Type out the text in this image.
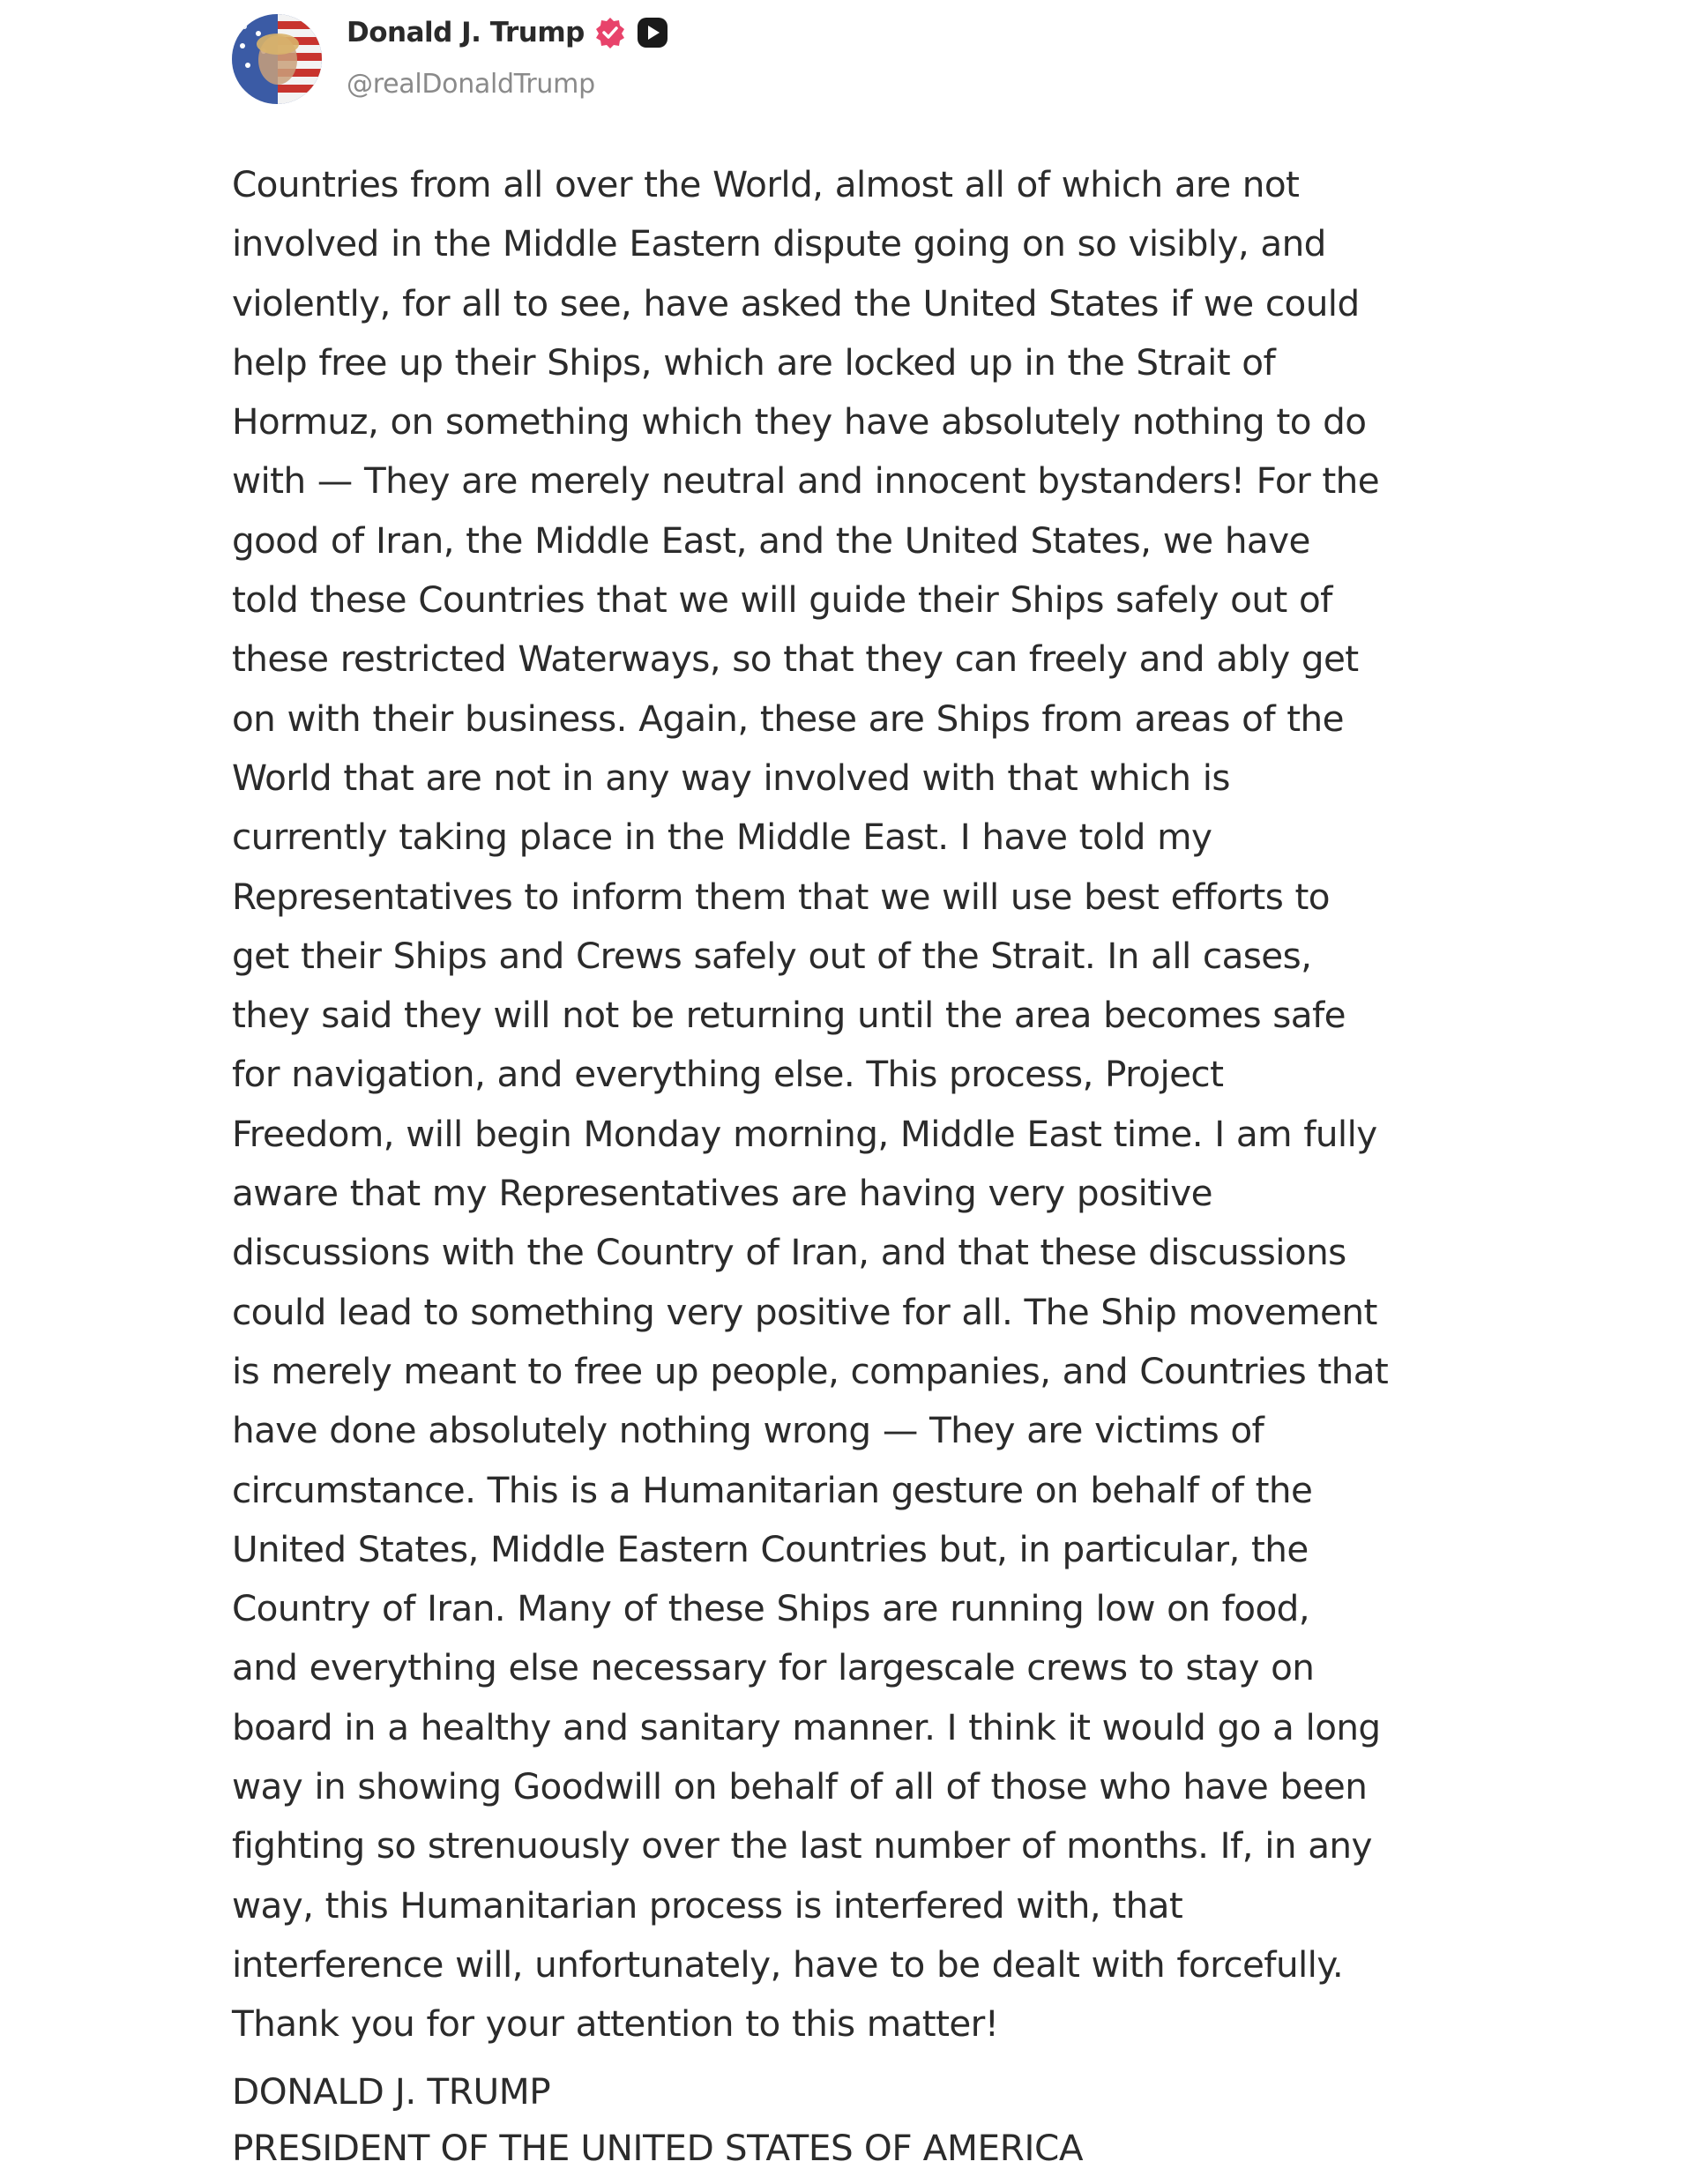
Donald J. Trump
@realDonaldTrump
Countries from all over the World, almost all of which are not
involved in the Middle Eastern dispute going on so visibly, and
violently, for all to see, have asked the United States if we could
help free up their Ships, which are locked up in the Strait of
Hormuz, on something which they have absolutely nothing to do
with — They are merely neutral and innocent bystanders! For the
good of Iran, the Middle East, and the United States, we have
told these Countries that we will guide their Ships safely out of
these restricted Waterways, so that they can freely and ably get
on with their business. Again, these are Ships from areas of the
World that are not in any way involved with that which is
currently taking place in the Middle East. I have told my
Representatives to inform them that we will use best efforts to
get their Ships and Crews safely out of the Strait. In all cases,
they said they will not be returning until the area becomes safe
for navigation, and everything else. This process, Project
Freedom, will begin Monday morning, Middle East time. I am fully
aware that my Representatives are having very positive
discussions with the Country of Iran, and that these discussions
could lead to something very positive for all. The Ship movement
is merely meant to free up people, companies, and Countries that
have done absolutely nothing wrong — They are victims of
circumstance. This is a Humanitarian gesture on behalf of the
United States, Middle Eastern Countries but, in particular, the
Country of Iran. Many of these Ships are running low on food,
and everything else necessary for largescale crews to stay on
board in a healthy and sanitary manner. I think it would go a long
way in showing Goodwill on behalf of all of those who have been
fighting so strenuously over the last number of months. If, in any
way, this Humanitarian process is interfered with, that
interference will, unfortunately, have to be dealt with forcefully.
Thank you for your attention to this matter!
DONALD J. TRUMP
PRESIDENT OF THE UNITED STATES OF AMERICA
